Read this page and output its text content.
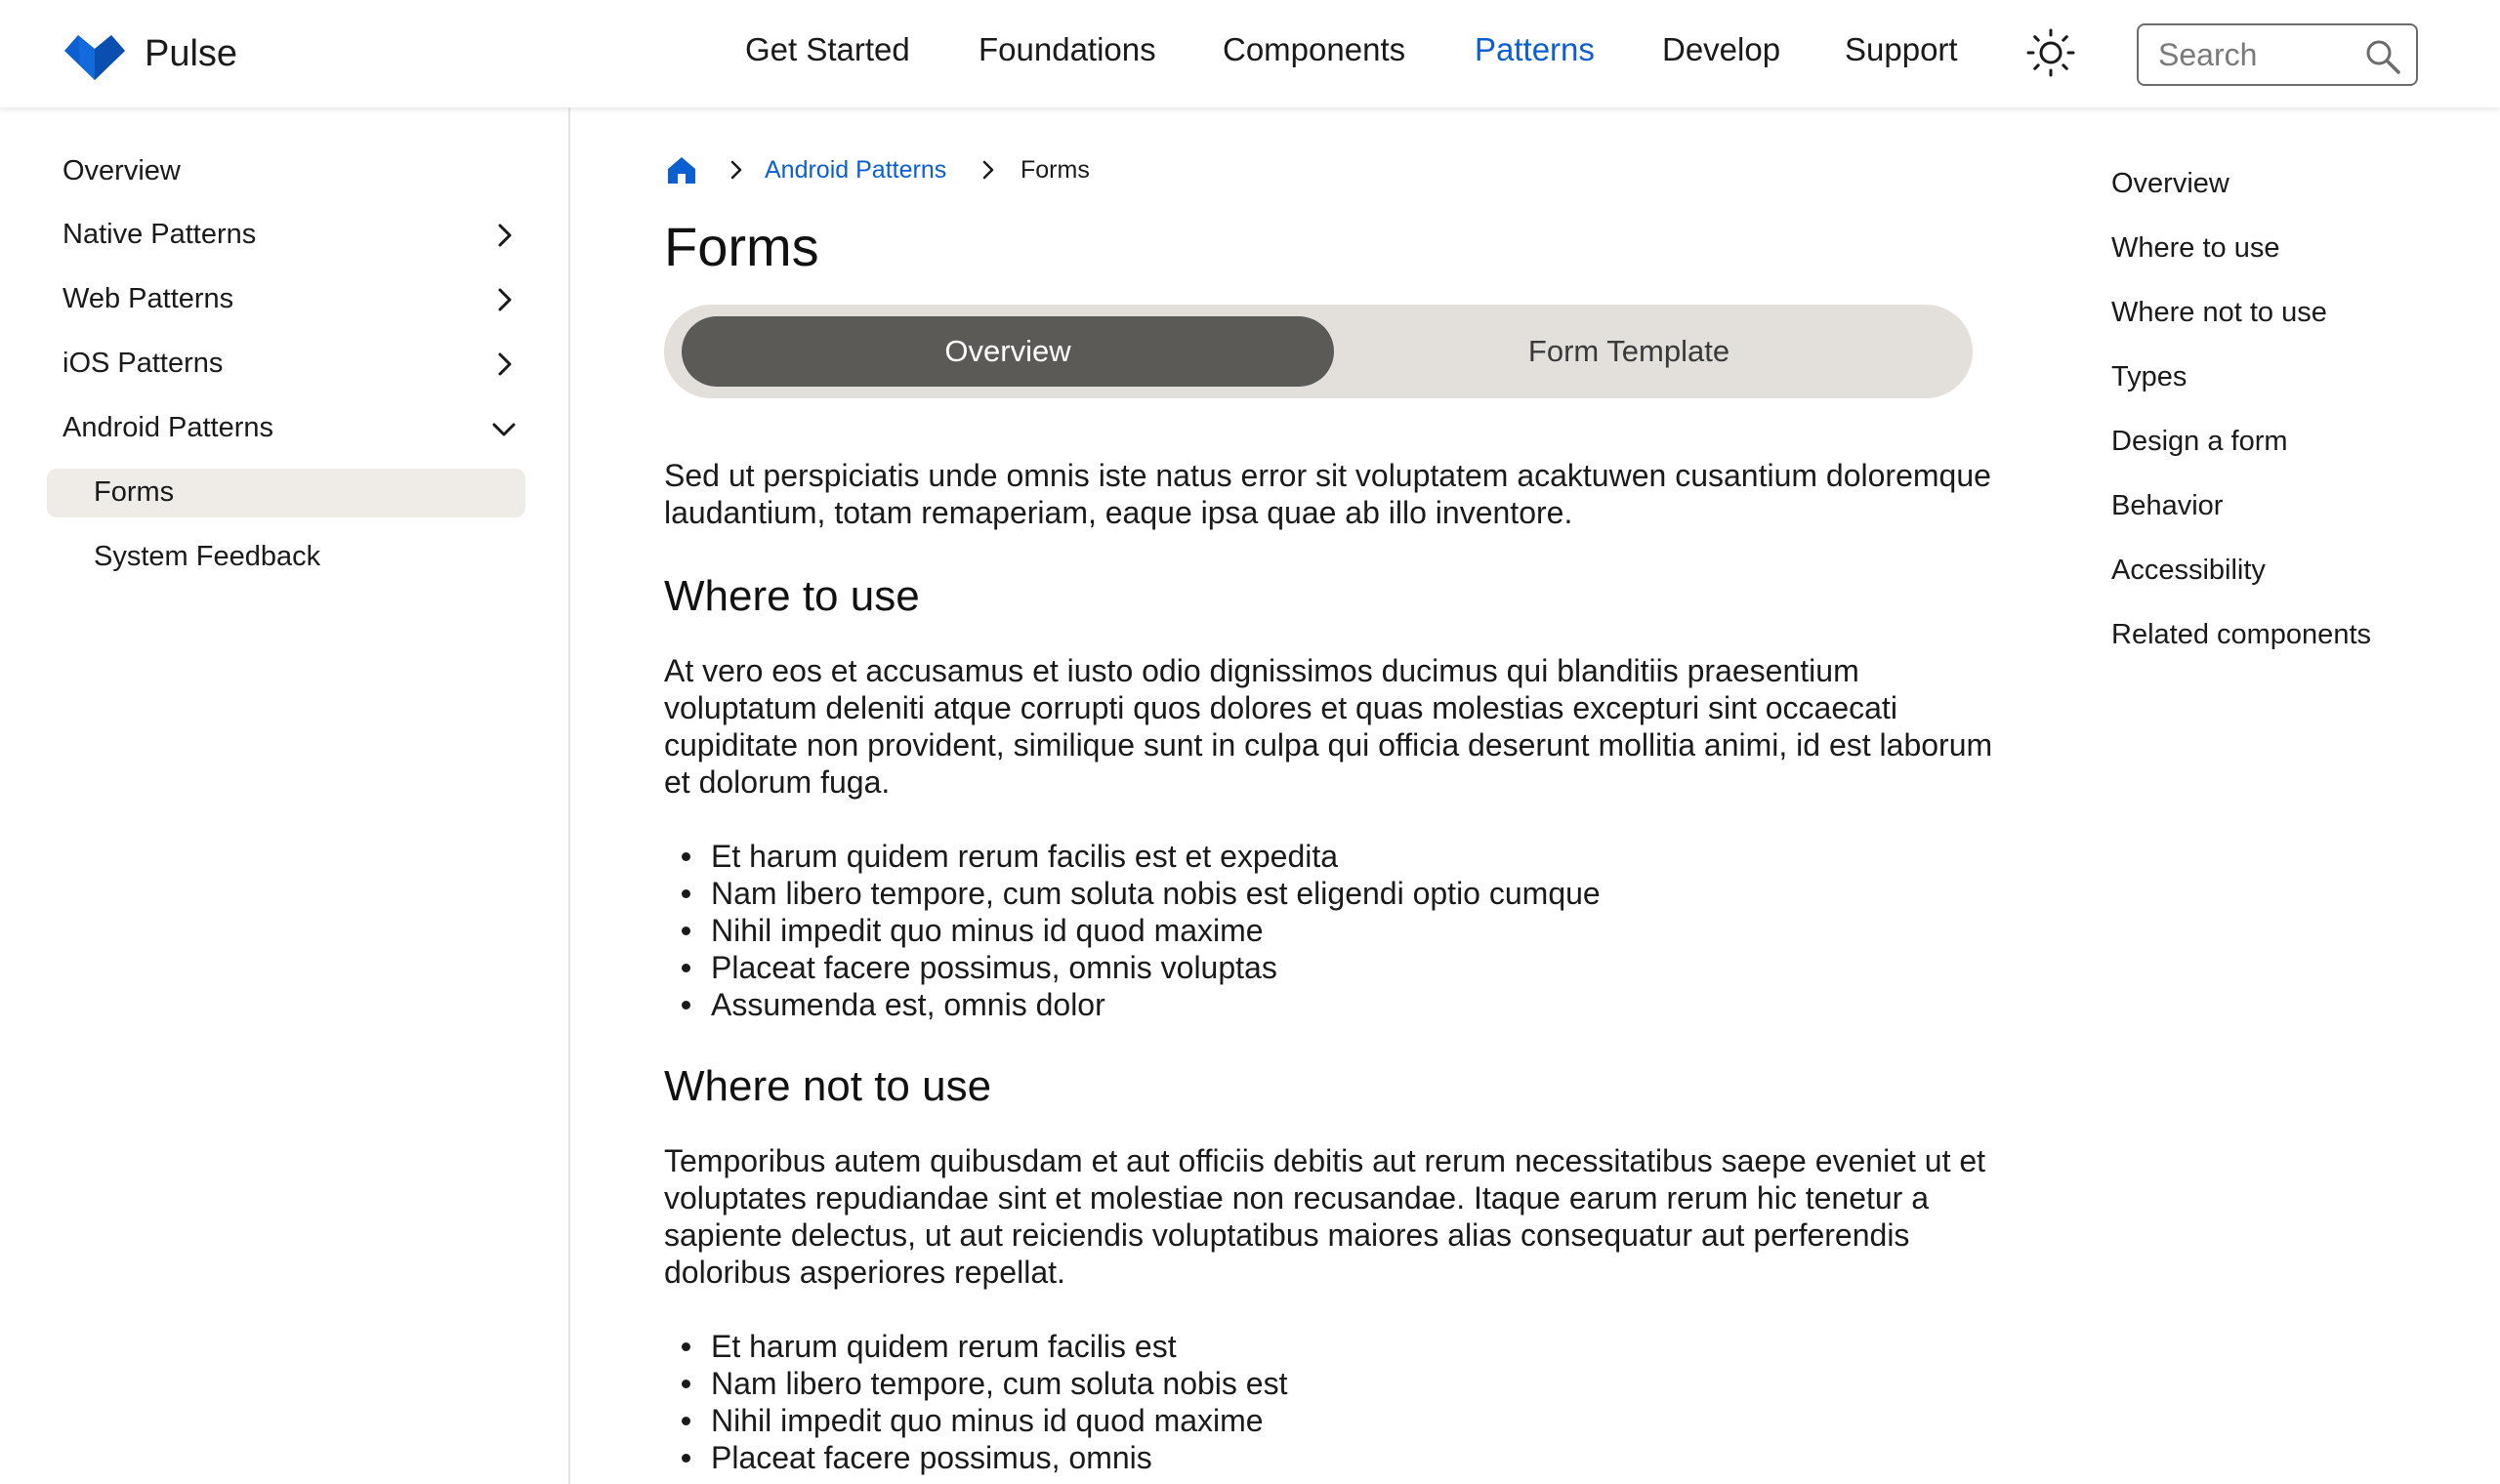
Pulse	Get Started Foundations Components Patterns Develop Support
Search
Overview
Native Patterns
Web Patterns
iOS Patterns
Android Patterns
Forms
System Feedback
Android Patterns	Forms
Forms
Overview	Form Template

Sed ut perspiciatis unde omnis iste natus error sit voluptatem acaktuwen cusantium doloremque laudantium, totam remaperiam, eaque ipsa quae ab illo inventore.

Where to use

At vero eos et accusamus et iusto odio dignissimos ducimus qui blanditiis praesentium voluptatum deleniti atque corrupti quos dolores et quas molestias excepturi sint occaecati cupiditate non provident, similique sunt in culpa qui officia deserunt mollitia animi, id est laborum et dolorum fuga.

Et harum quidem rerum facilis est et expedita
Nam libero tempore, cum soluta nobis est eligendi optio cumque
Nihil impedit quo minus id quod maxime
Placeat facere possimus, omnis voluptas
Assumenda est, omnis dolor
Where not to use

Temporibus autem quibusdam et aut officiis debitis aut rerum necessitatibus saepe eveniet ut et voluptates repudiandae sint et molestiae non recusandae. Itaque earum rerum hic tenetur a sapiente delectus, ut aut reiciendis voluptatibus maiores alias consequatur aut perferendis doloribus asperiores repellat.

Et harum quidem rerum facilis est
Nam libero tempore, cum soluta nobis est
Nihil impedit quo minus id quod maxime
Placeat facere possimus, omnis
Overview
Where to use
Where not to use
Types
Design a form
Behavior
Accessibility
Related components
